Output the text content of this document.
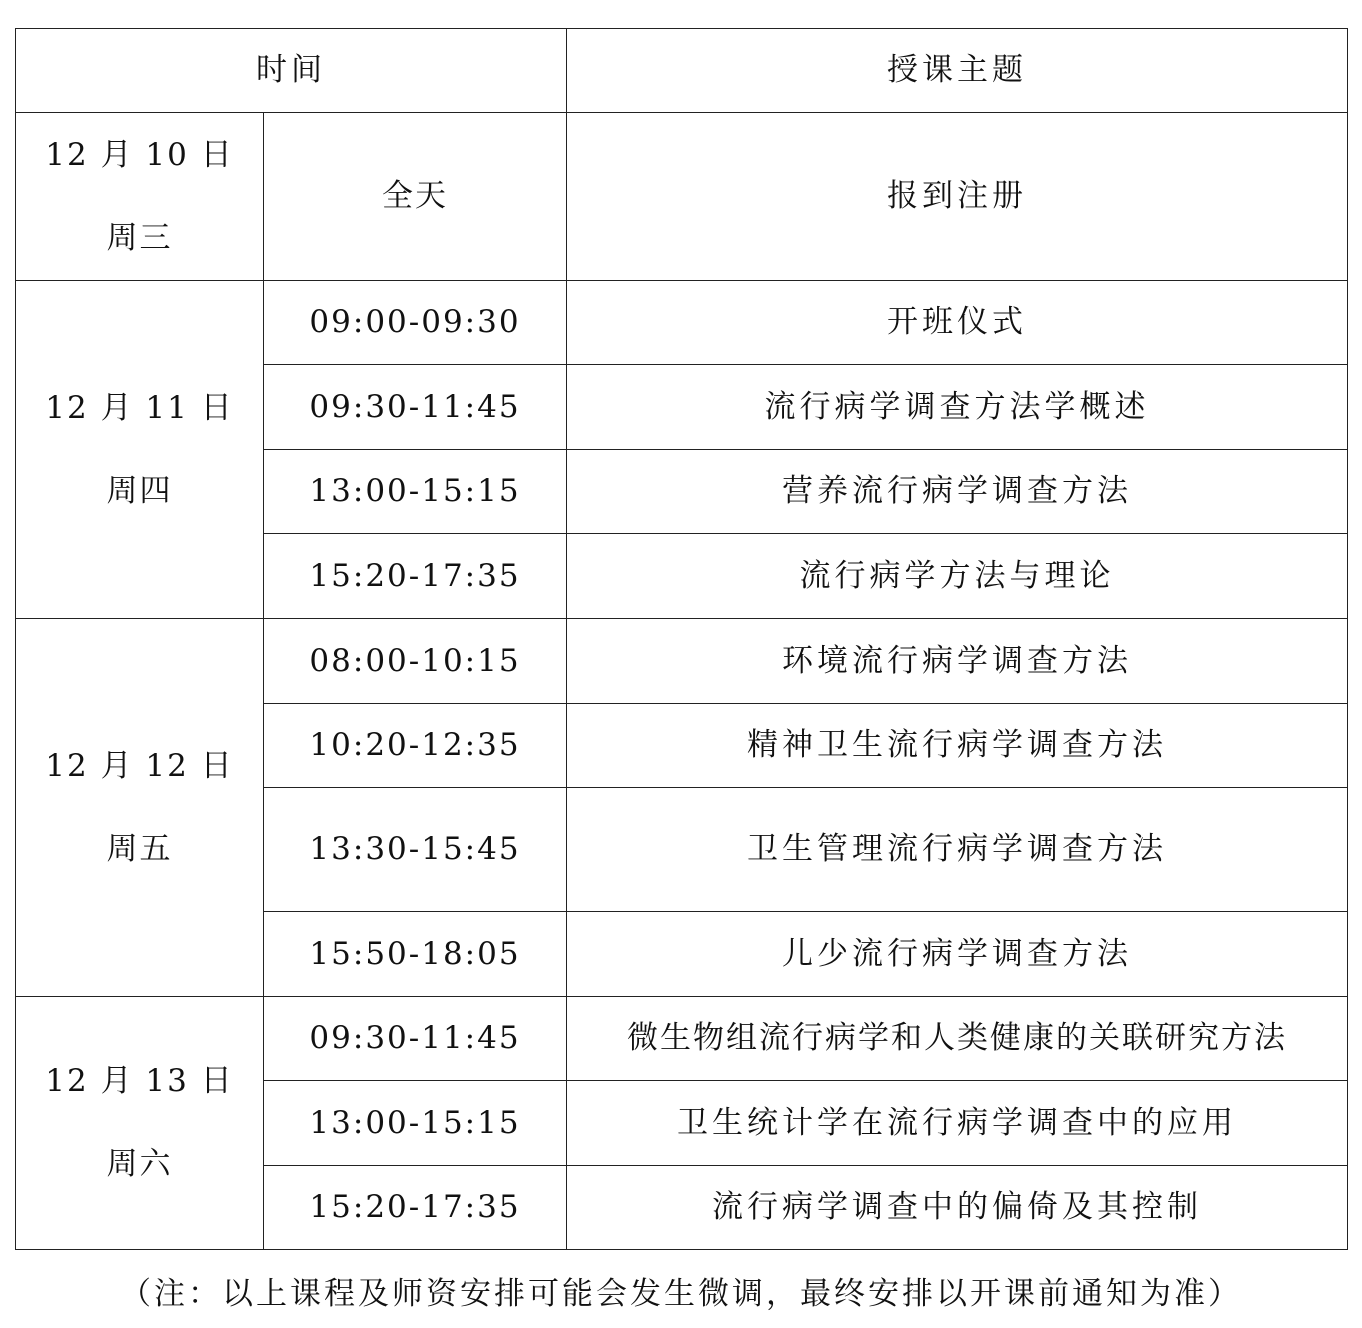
时间		授课主题

12 月 10 日
周三	全天	报到注册

12 月 11 日
周四	09:00-09:30	开班仪式
	09:30-11:45	流行病学调查方法学概述
	13:00-15:15	营养流行病学调查方法
	15:20-17:35	流行病学方法与理论

12 月 12 日
周五	08:00-10:15	环境流行病学调查方法
	10:20-12:35	精神卫生流行病学调查方法
	13:30-15:45	卫生管理流行病学调查方法
	15:50-18:05	儿少流行病学调查方法

12 月 13 日
周六	09:30-11:45	微生物组流行病学和人类健康的关联研究方法
	13:00-15:15	卫生统计学在流行病学调查中的应用
	15:20-17:35	流行病学调查中的偏倚及其控制
（注：以上课程及师资安排可能会发生微调，最终安排以开课前通知为准）
